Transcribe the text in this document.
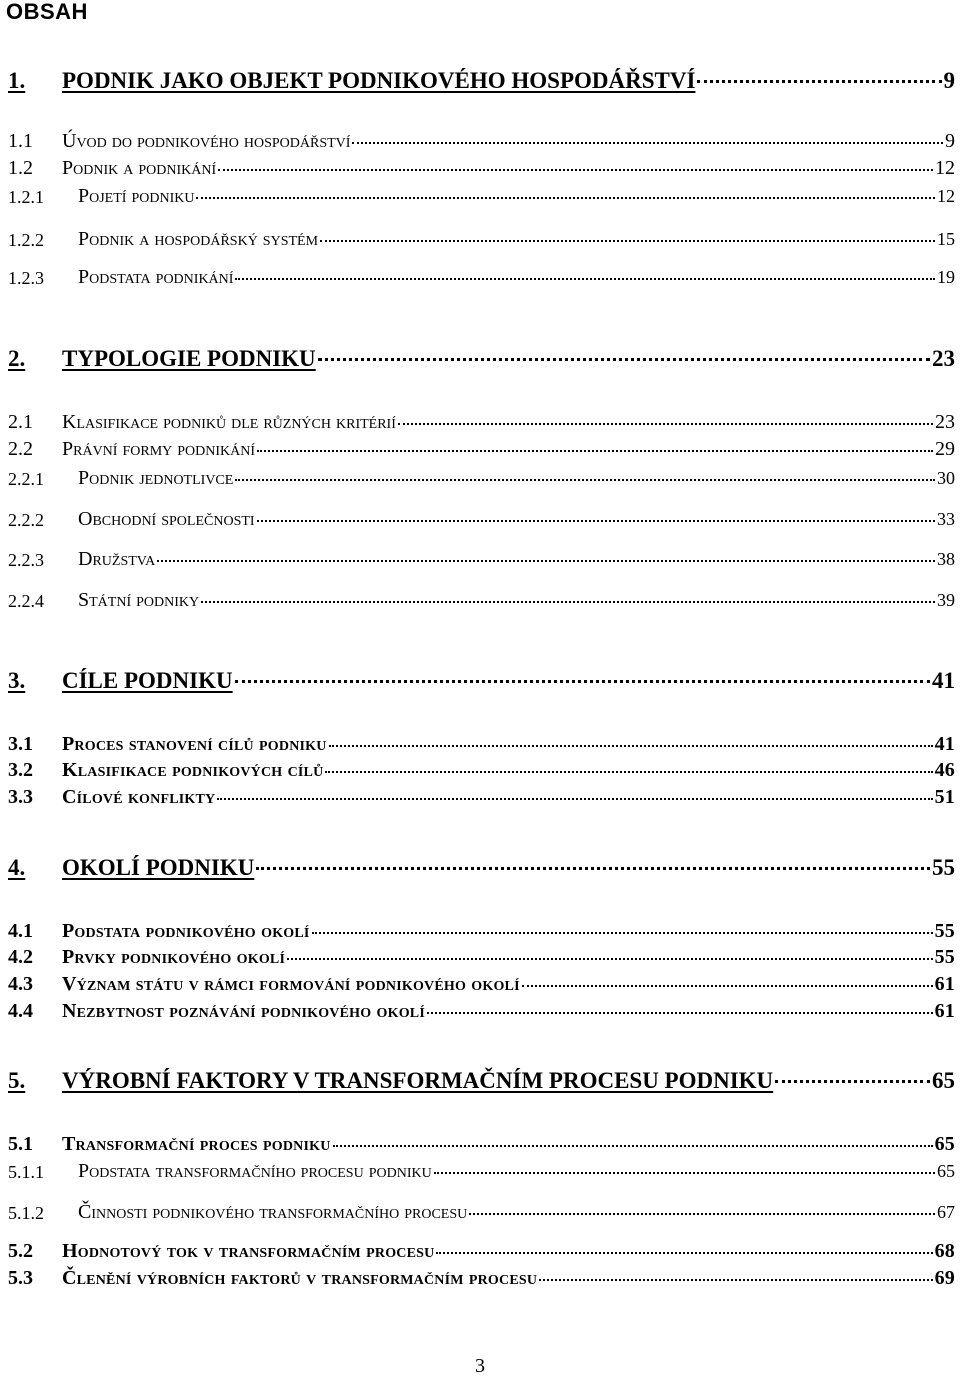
OBSAH
1. PODNIK JAKO OBJEKT PODNIKOVÉHO HOSPODÁŘSTVÍ	9
1.1 Úvod do podnikového hospodářství	9
1.2 Podnik a podnikání	12
1.2.1 Pojetí podniku	12
1.2.2 Podnik a hospodářský systém	15
1.2.3 Podstata podnikání	19
2. TYPOLOGIE PODNIKU	23
2.1 Klasifikace podniků dle různých kritérií	23
2.2 Právní formy podnikání	29
2.2.1 Podnik jednotlivce	30
2.2.2 Obchodní společnosti	33
2.2.3 Družstva	38
2.2.4 Státní podniky	39
3. CÍLE PODNIKU	41
3.1 Proces stanovení cílů podniku	41
3.2 Klasifikace podnikových cílů	46
3.3 Cílové konflikty	51
4. OKOLÍ PODNIKU	55
4.1 Podstata podnikového okolí	55
4.2 Prvky podnikového okolí	55
4.3 Význam státu v rámci formování podnikového okolí	61
4.4 Nezbytnost poznávání podnikového okolí	61
5. VÝROBNÍ FAKTORY V TRANSFORMAČNÍM PROCESU PODNIKU	65
5.1 Transformační proces podniku	65
5.1.1 Podstata transformačního procesu podniku	65
5.1.2 Činnosti podnikového transformačního procesu	67
5.2 Hodnotový tok v transformačním procesu	68
5.3 Členění výrobních faktorů v transformačním procesu	69
3
